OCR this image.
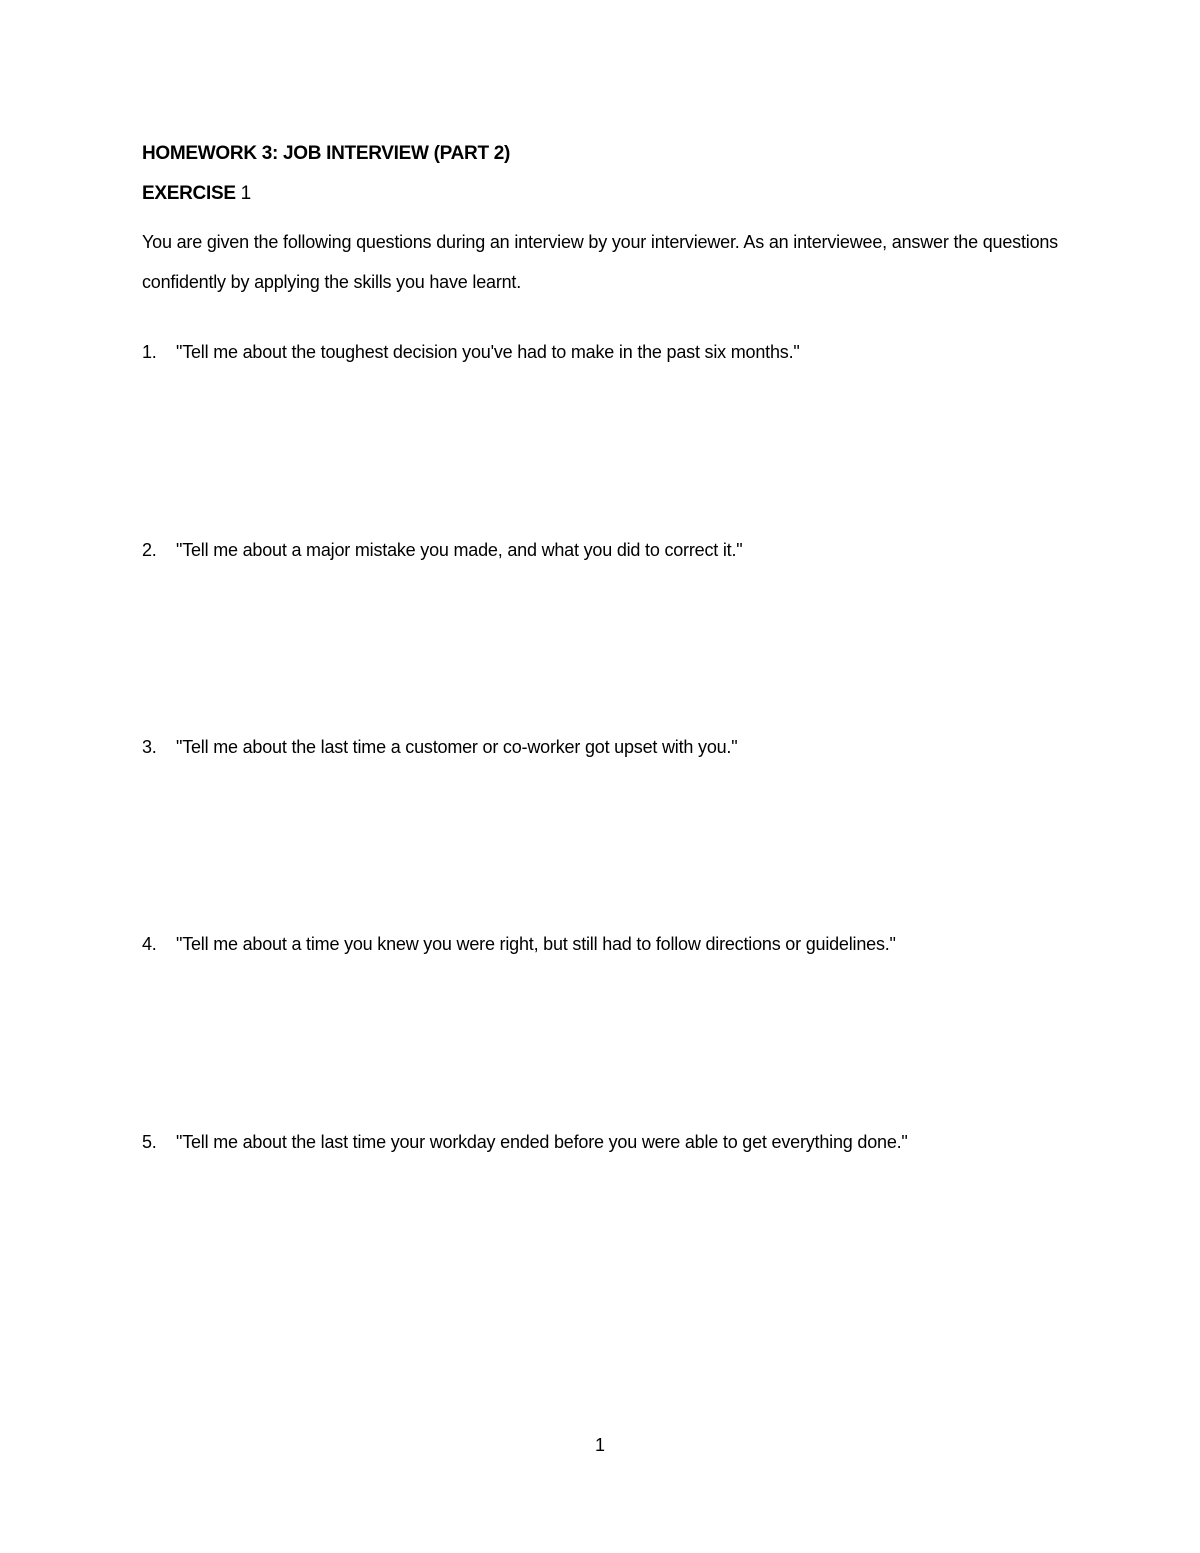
HOMEWORK 3: JOB INTERVIEW (PART 2)
EXERCISE 1
You are given the following questions during an interview by your interviewer. As an interviewee, answer the questions confidently by applying the skills you have learnt.
1. "Tell me about the toughest decision you've had to make in the past six months."
2. "Tell me about a major mistake you made, and what you did to correct it."
3. "Tell me about the last time a customer or co-worker got upset with you."
4. "Tell me about a time you knew you were right, but still had to follow directions or guidelines."
5. "Tell me about the last time your workday ended before you were able to get everything done."
1
